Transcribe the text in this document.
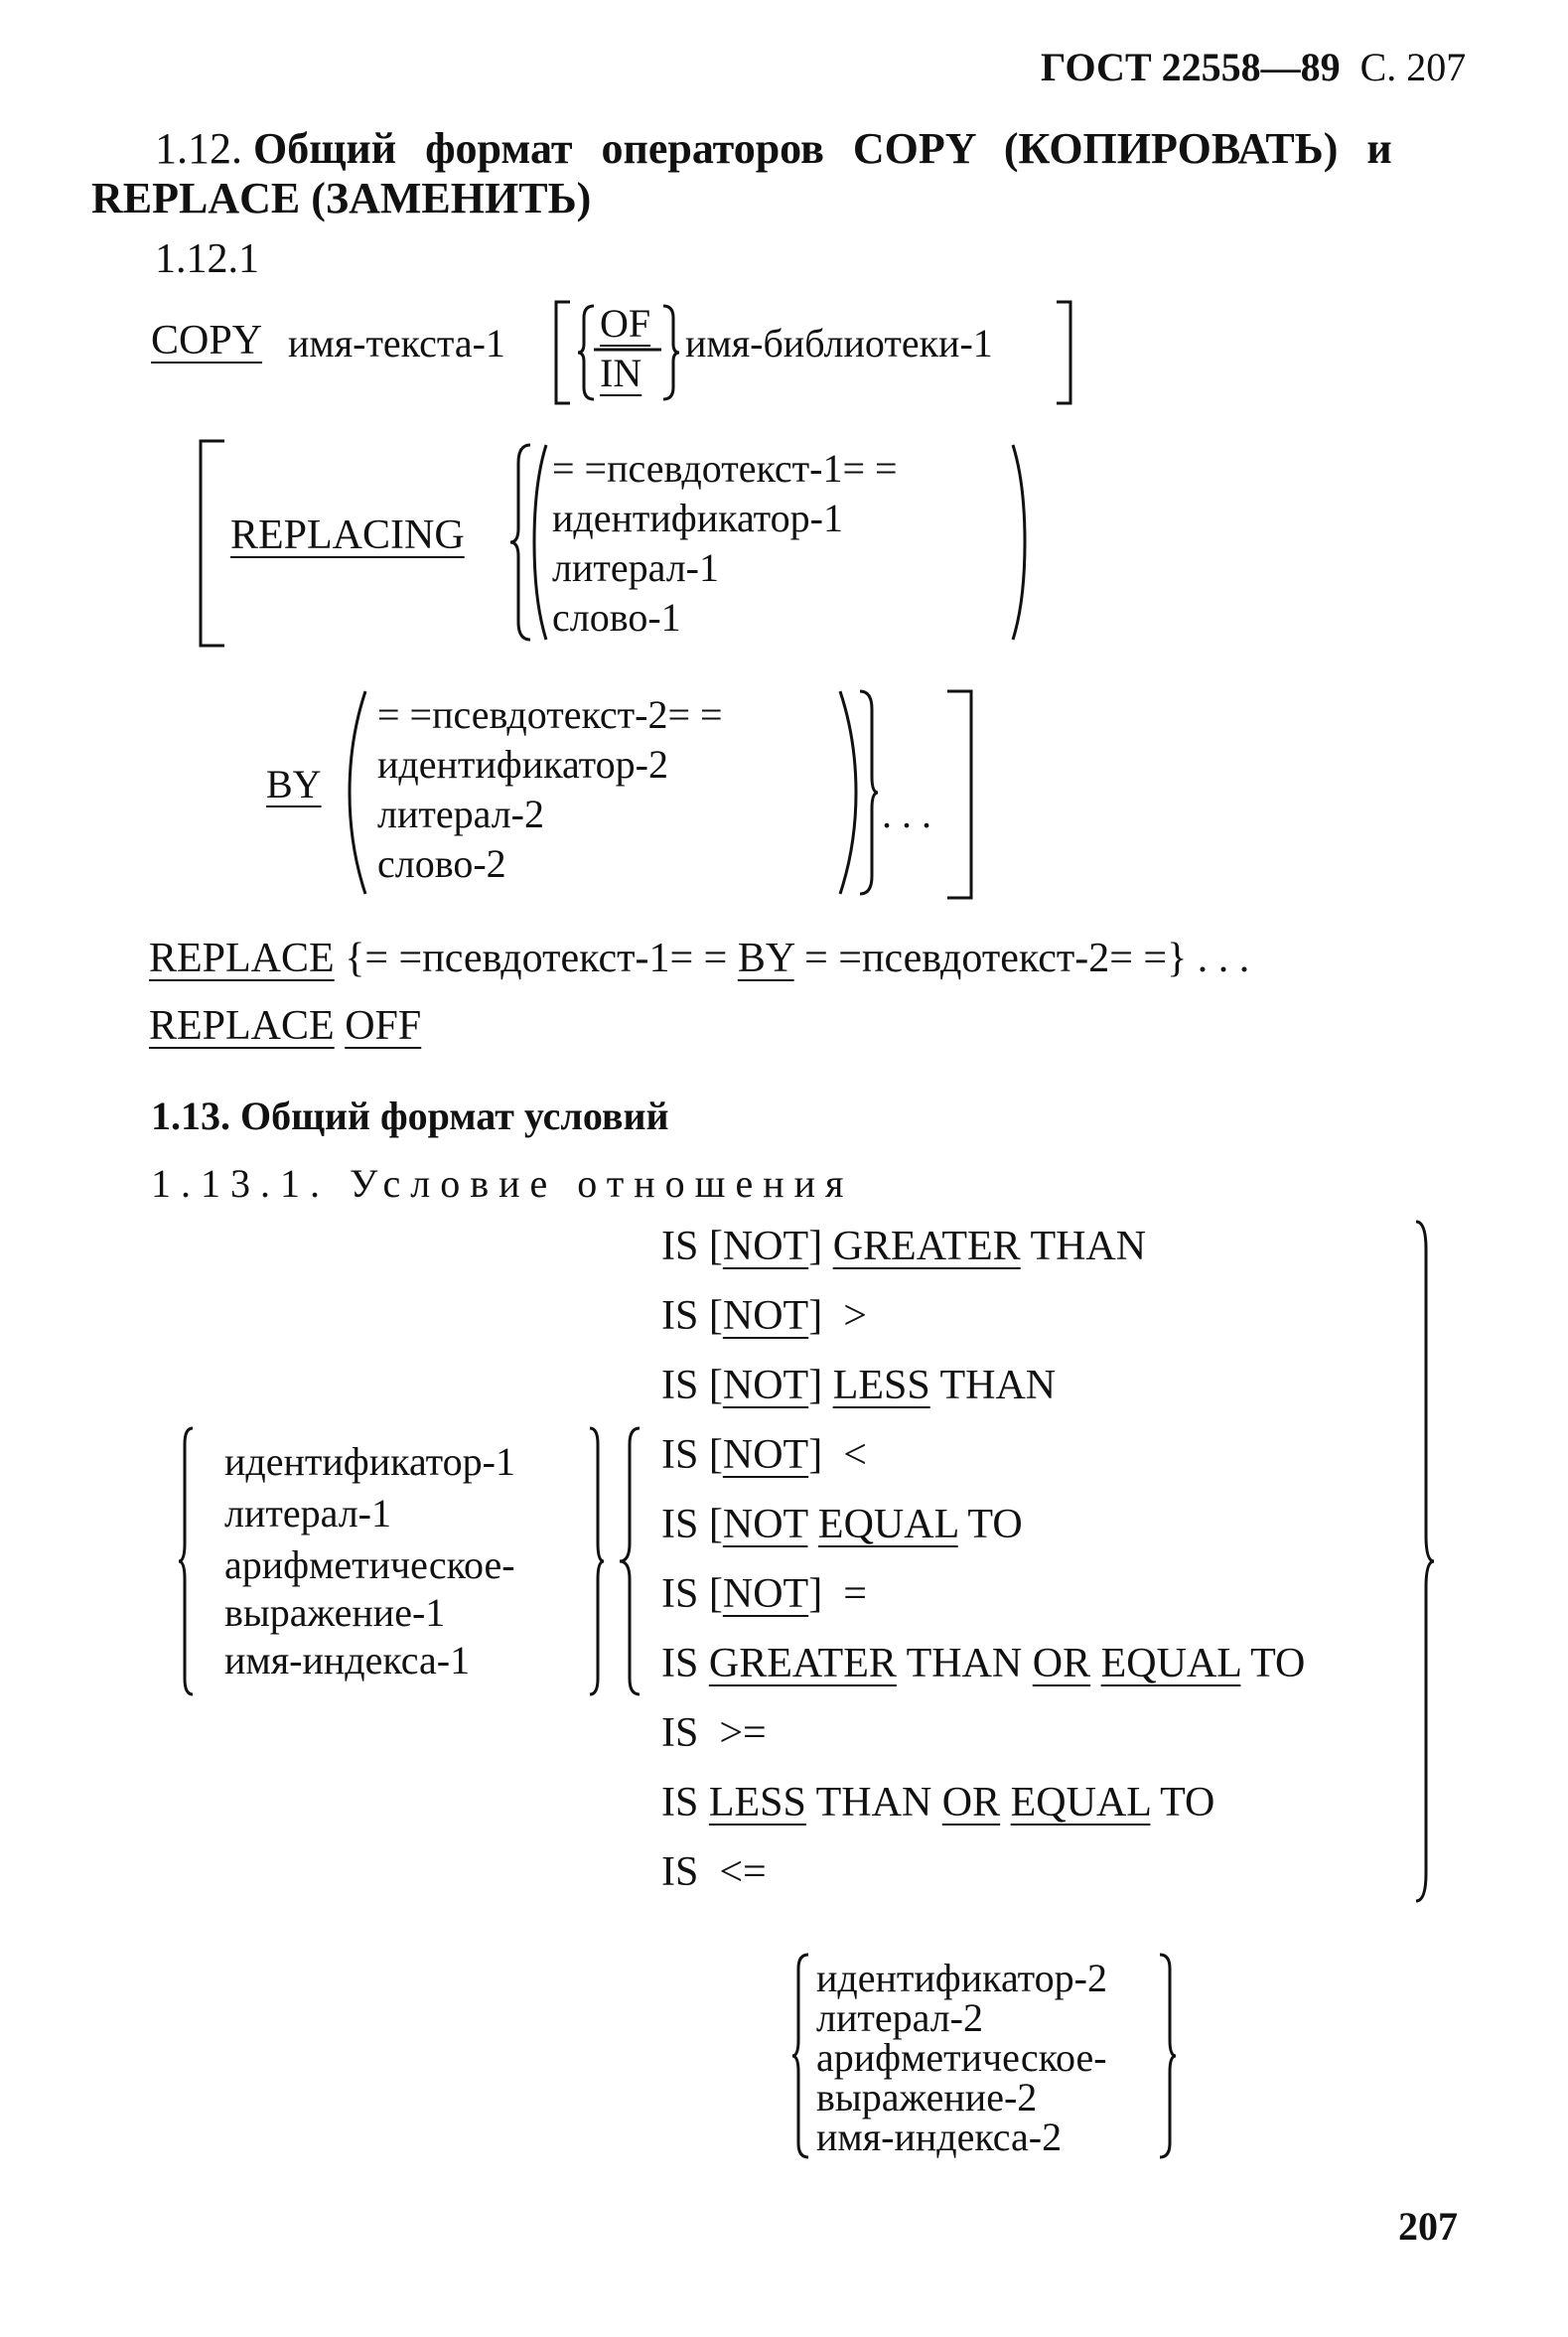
ГОСТ 22558—89 С. 207
1.12. Общий формат операторов COPY (КОПИРОВАТЬ) и
REPLACE (ЗАМЕНИТЬ)
1.12.1
COPY имя-текста-1 OF
IN
имя-библиотеки-1
REPLACING
= =псевдотекст-1= =
идентификатор-1
литерал-1
слово-1
= =псевдотекст-2= =
BY идентификатор-2
литерал-2
слово-2
. . .
REPLACE {= =псевдотекст-1= = BY = =псевдотекст-2= =} . . .
REPLACE OFF
1.13. Общий формат условий
1.13.1. Условие отношения
идентификатор-1
литерал-1
арифметическое-
выражение-1
имя-индекса-1
IS [NOT] GREATER THAN
IS [NOT] >
IS [NOT] LESS THAN
IS [NOT] <
IS [NOT EQUAL TO
IS [NOT] =
IS GREATER THAN OR EQUAL TO
IS >=
IS LESS THAN OR EQUAL TO
IS <=
идентификатор-2
литерал-2
арифметическое-
выражение-2
имя-индекса-2
207
